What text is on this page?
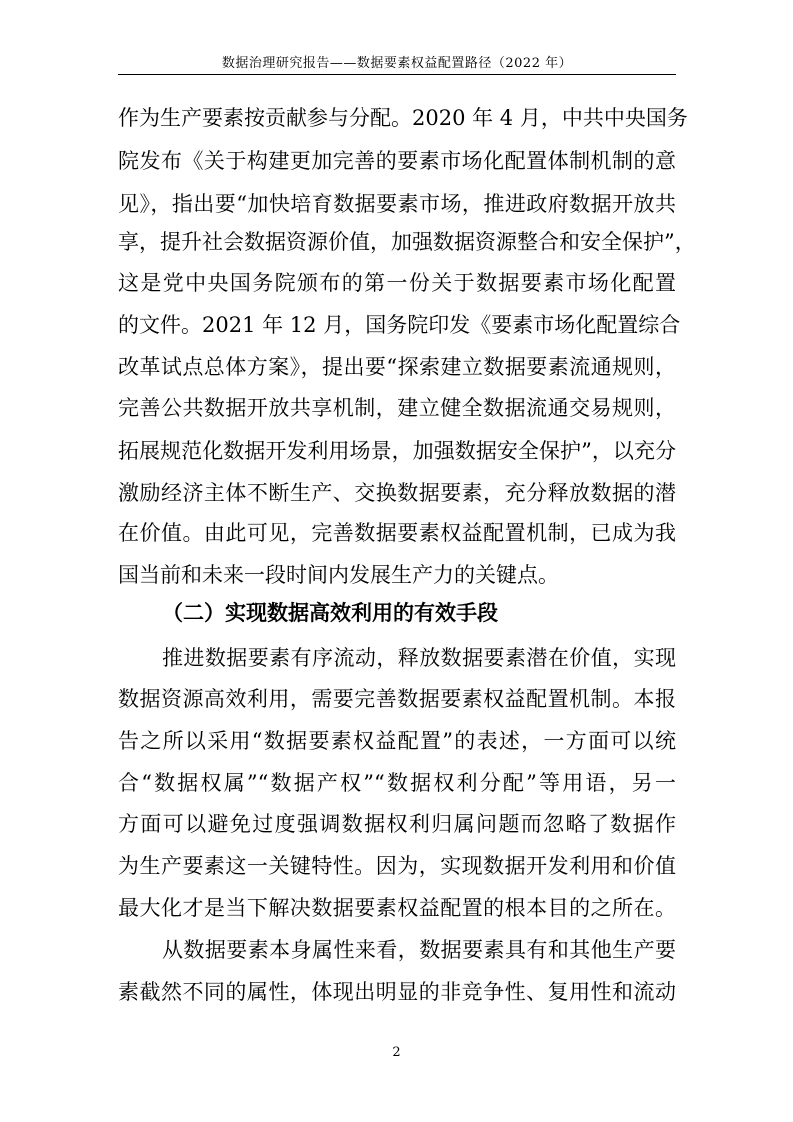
数据治理研究报告——数据要素权益配置路径（2022 年）
作为生产要素按贡献参与分配。2020 年 4 月，中共中央国务
院发布《关于构建更加完善的要素市场化配置体制机制的意
见》，指出要“加快培育数据要素市场，推进政府数据开放共
享，提升社会数据资源价值，加强数据资源整合和安全保护”，
这是党中央国务院颁布的第一份关于数据要素市场化配置
的文件。2021 年 12 月，国务院印发《要素市场化配置综合
改革试点总体方案》，提出要“探索建立数据要素流通规则，
完善公共数据开放共享机制，建立健全数据流通交易规则，
拓展规范化数据开发利用场景，加强数据安全保护”，以充分
激励经济主体不断生产、交换数据要素，充分释放数据的潜
在价值。由此可见，完善数据要素权益配置机制，已成为我
国当前和未来一段时间内发展生产力的关键点。
（二）实现数据高效利用的有效手段
推进数据要素有序流动，释放数据要素潜在价值，实现
数据资源高效利用，需要完善数据要素权益配置机制。本报
告之所以采用“数据要素权益配置”的表述，一方面可以统
合“数据权属”“数据产权”“数据权利分配”等用语，另一
方面可以避免过度强调数据权利归属问题而忽略了数据作
为生产要素这一关键特性。因为，实现数据开发利用和价值
最大化才是当下解决数据要素权益配置的根本目的之所在。
从数据要素本身属性来看，数据要素具有和其他生产要
素截然不同的属性，体现出明显的非竞争性、复用性和流动
2
